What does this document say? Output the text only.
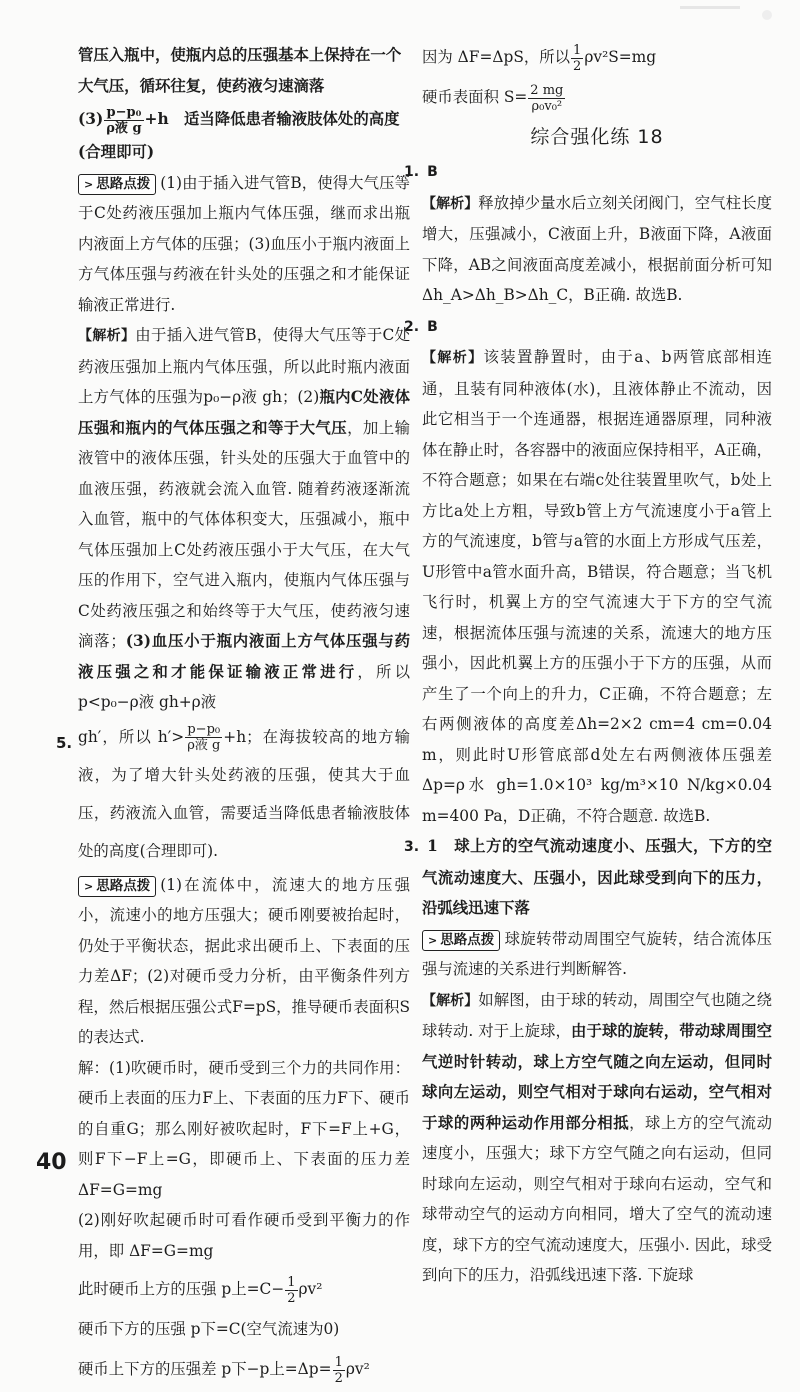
管压入瓶中，使瓶内总的压强基本上保持在一个

大气压，循环往复，使药液匀速滴落

$(3) \frac{\text{p−p₀}}{\text{ρ液 g}} +h$　适当降低患者输液肢体处的高度

(合理即可)

> 思路点拨 (1)由于插入进气管B，使得大气压等于C处药液压强加上瓶内气体压强，继而求出瓶内液面上方气体的压强；(3)血压小于瓶内液面上方气体压强与药液在针头处的压强之和才能保证输液正常进行.

【解析】由于插入进气管B，使得大气压等于C处药液压强加上瓶内气体压强，所以此时瓶内液面上方气体的压强为p₀−ρ液 gh；(2)瓶内C处液体压强和瓶内的气体压强之和等于大气压，加上输液管中的液体压强，针头处的压强大于血管中的血液压强，药液就会流入血管. 随着药液逐渐流入血管，瓶中的气体体积变大，压强减小，瓶中气体压强加上C处药液压强小于大气压，在大气压的作用下，空气进入瓶内，使瓶内气体压强与C处药液压强之和始终等于大气压，使药液匀速滴落；(3)血压小于瓶内液面上方气体压强与药液压强之和才能保证输液正常进行，所以 p<p₀−ρ液 gh+ρ液

gh′，所以 $h'> \frac{\text{p−p₀}}{\text{ρ液 g}} +h$；在海拔较高的地方输液，为了增大针头处药液的压强，使其大于血压，药液流入血管，需要适当降低患者输液肢体处的高度(合理即可).

> 思路点拨 (1)在流体中，流速大的地方压强小，流速小的地方压强大；硬币刚要被抬起时，仍处于平衡状态，据此求出硬币上、下表面的压力差ΔF；(2)对硬币受力分析，由平衡条件列方程，然后根据压强公式F=pS，推导硬币表面积S的表达式.

解：(1)吹硬币时，硬币受到三个力的共同作用：硬币上表面的压力F上、下表面的压力F下、硬币的自重G；那么刚好被吹起时，F下=F上+G，则F下−F上=G，即硬币上、下表面的压力差ΔF=G=mg

(2)刚好吹起硬币时可看作硬币受到平衡力的作用，即 ΔF=G=mg

此时硬币上方的压强 p上$=C- \frac{1}{2} \rho v^2$

硬币下方的压强 p下=C(空气流速为0)

硬币上下方的压强差 p下−p上$=\Delta p= \frac{1}{2} \rho v^2$

5.

因为 ΔF=ΔpS，所以 $\frac{1}{2} \rho v^2S=mg$

硬币表面积 $S= \frac{2 mg}{\text{ρ₀v₀²}}$

综合强化练 18

1. B

【解析】释放掉少量水后立刻关闭阀门，空气柱长度增大，压强减小，C液面上升，B液面下降，A液面下降，AB之间液面高度差减小，根据前面分析可知 Δh_A>Δh_B>Δh_C，B正确. 故选B.

2. B

【解析】该装置静置时，由于a、b两管底部相连通，且装有同种液体(水)，且液体静止不流动，因此它相当于一个连通器，根据连通器原理，同种液体在静止时，各容器中的液面应保持相平，A正确，不符合题意；如果在右端c处往装置里吹气，b处上方比a处上方粗，导致b管上方气流速度小于a管上方的气流速度，b管与a管的水面上方形成气压差，U形管中a管水面升高，B错误，符合题意；当飞机飞行时，机翼上方的空气流速大于下方的空气流速，根据流体压强与流速的关系，流速大的地方压强小，因此机翼上方的压强小于下方的压强，从而产生了一个向上的升力，C正确，不符合题意；左右两侧液体的高度差Δh=2×2 cm=4 cm=0.04 m，则此时U形管底部d处左右两侧液体压强差Δp=ρ水 gh=1.0×10³ kg/m³×10 N/kg×0.04 m=400 Pa，D正确，不符合题意. 故选B.

3. 1　球上方的空气流动速度小、压强大，下方的空气流动速度大、压强小，因此球受到向下的压力，沿弧线迅速下落

> 思路点拨 球旋转带动周围空气旋转，结合流体压强与流速的关系进行判断解答.

【解析】如解图，由于球的转动，周围空气也随之绕球转动. 对于上旋球，由于球的旋转，带动球周围空气逆时针转动，球上方空气随之向左运动，但同时球向左运动，则空气相对于球向右运动，空气相对于球的两种运动作用部分相抵，球上方的空气流动速度小，压强大；球下方空气随之向右运动，但同时球向左运动，则空气相对于球向右运动，空气和球带动空气的运动方向相同，增大了空气的流动速度，球下方的空气流动速度大，压强小. 因此，球受到向下的压力，沿弧线迅速下落. 下旋球

40
